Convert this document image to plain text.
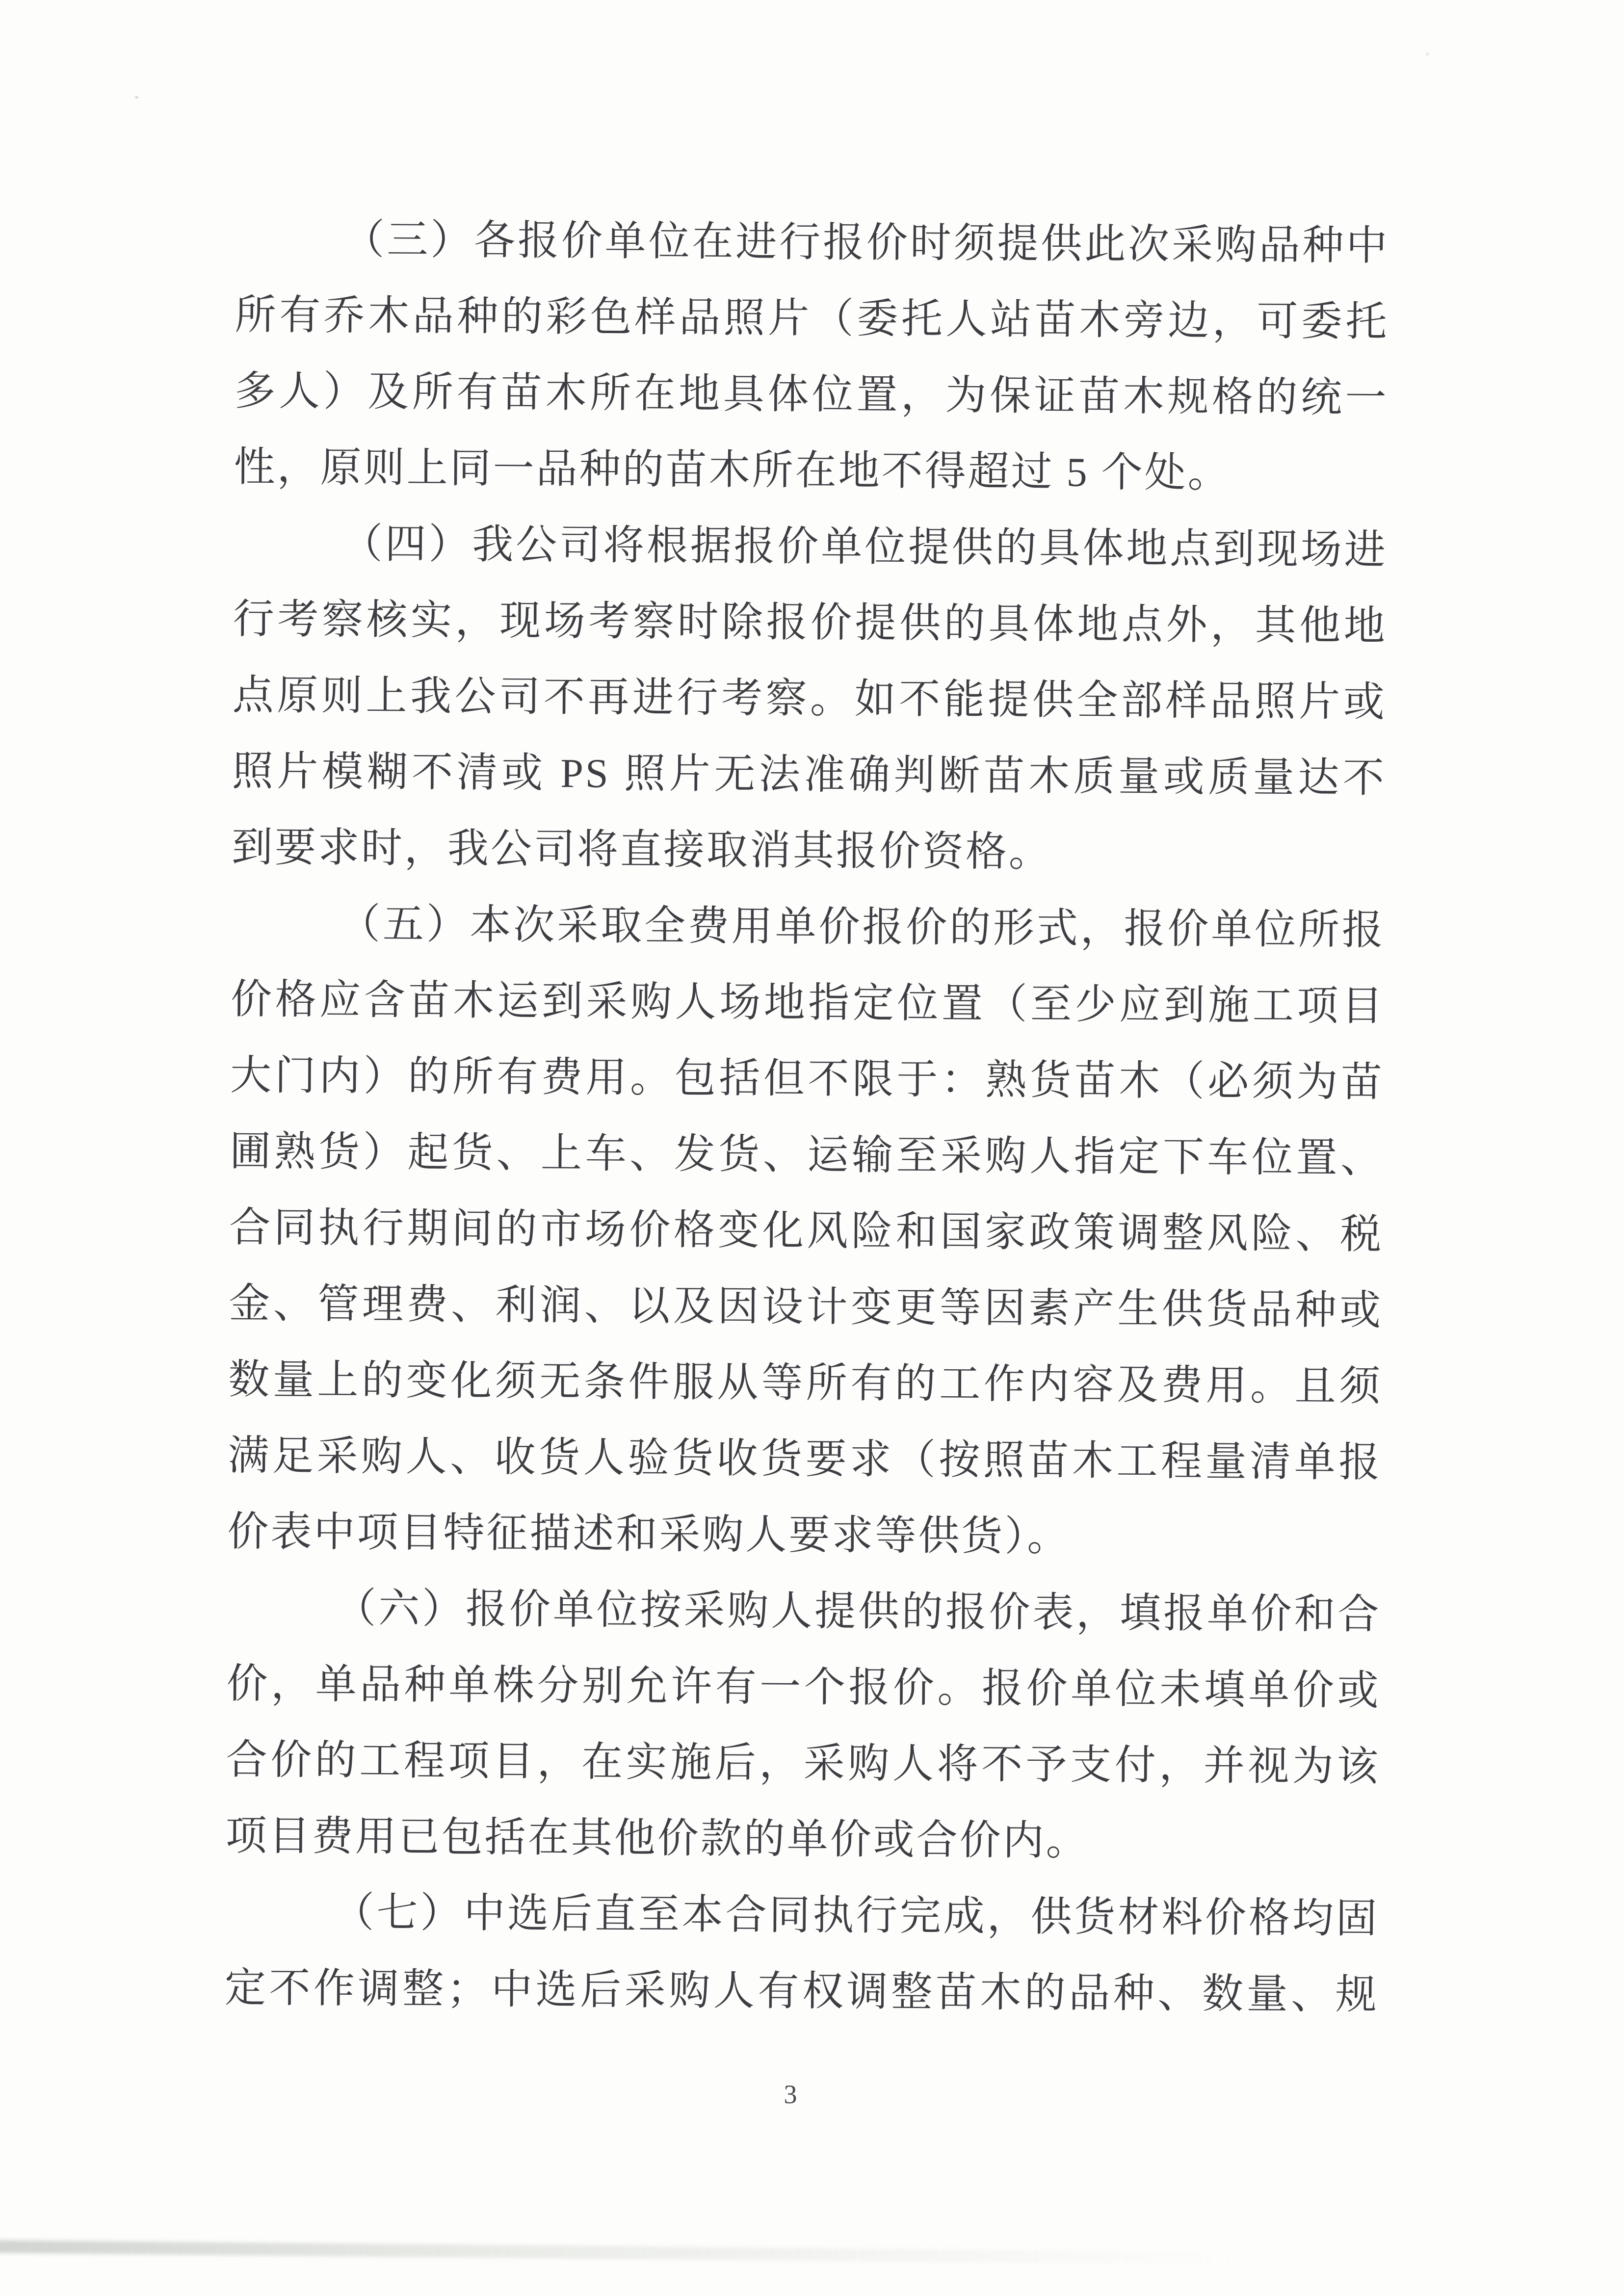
（三）各报价单位在进行报价时须提供此次采购品种中
所有乔木品种的彩色样品照片（委托人站苗木旁边，可委托
多人）及所有苗木所在地具体位置，为保证苗木规格的统一
性，原则上同一品种的苗木所在地不得超过 5 个处。
（四）我公司将根据报价单位提供的具体地点到现场进
行考察核实，现场考察时除报价提供的具体地点外，其他地
点原则上我公司不再进行考察。如不能提供全部样品照片或
照片模糊不清或 PS 照片无法准确判断苗木质量或质量达不
到要求时，我公司将直接取消其报价资格。
（五）本次采取全费用单价报价的形式，报价单位所报
价格应含苗木运到采购人场地指定位置（至少应到施工项目
大门内）的所有费用。包括但不限于：熟货苗木（必须为苗
圃熟货）起货、上车、发货、运输至采购人指定下车位置、
合同执行期间的市场价格变化风险和国家政策调整风险、税
金、管理费、利润、以及因设计变更等因素产生供货品种或
数量上的变化须无条件服从等所有的工作内容及费用。且须
满足采购人、收货人验货收货要求（按照苗木工程量清单报
价表中项目特征描述和采购人要求等供货）。
（六）报价单位按采购人提供的报价表，填报单价和合
价，单品种单株分别允许有一个报价。报价单位未填单价或
合价的工程项目，在实施后，采购人将不予支付，并视为该
项目费用已包括在其他价款的单价或合价内。
（七）中选后直至本合同执行完成，供货材料价格均固
定不作调整；中选后采购人有权调整苗木的品种、数量、规
3
